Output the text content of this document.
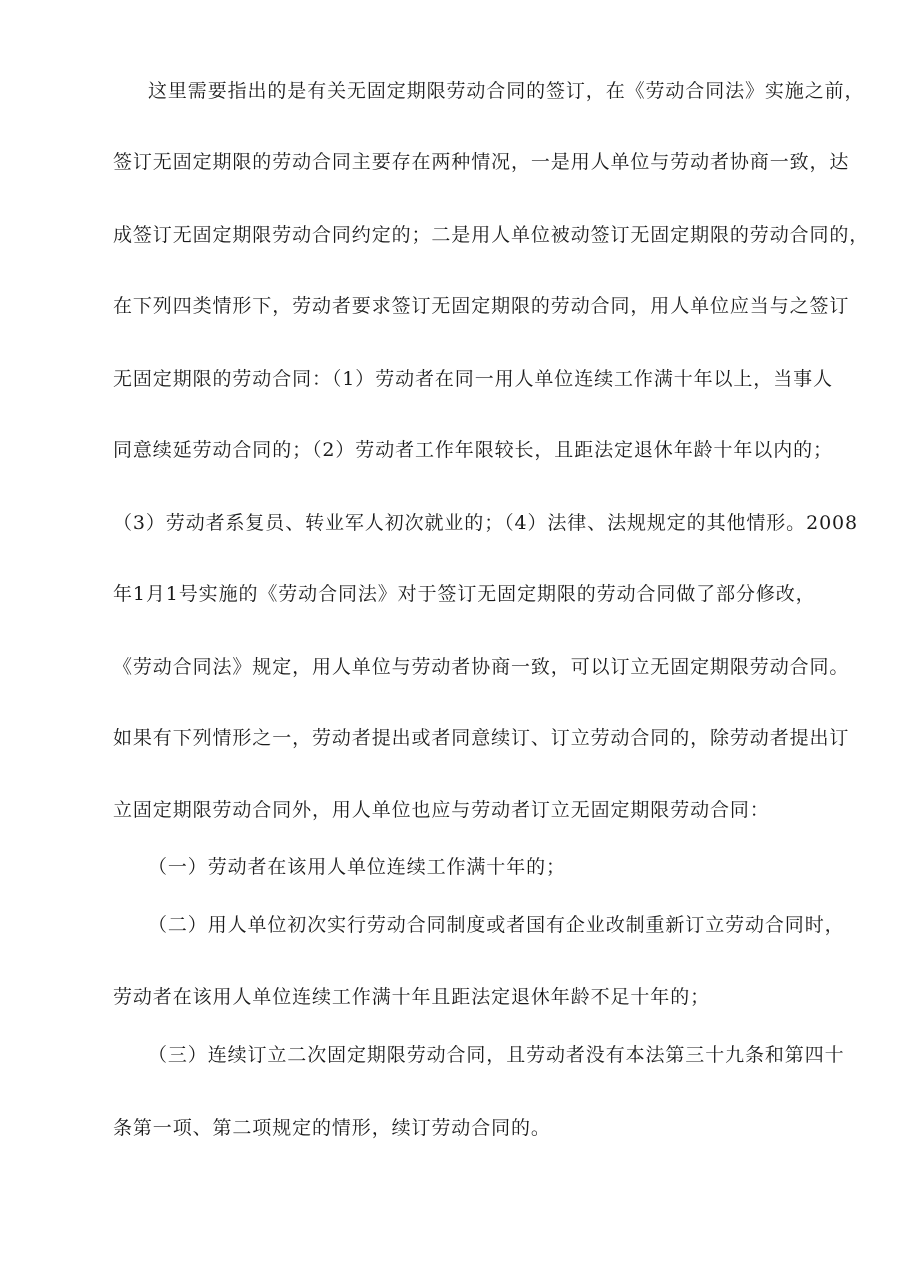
这里需要指出的是有关无固定期限劳动合同的签订，在《劳动合同法》实施之前，
签订无固定期限的劳动合同主要存在两种情况，一是用人单位与劳动者协商一致，达
成签订无固定期限劳动合同约定的；二是用人单位被动签订无固定期限的劳动合同的，
在下列四类情形下，劳动者要求签订无固定期限的劳动合同，用人单位应当与之签订
无固定期限的劳动合同：（1）劳动者在同一用人单位连续工作满十年以上，当事人
同意续延劳动合同的；（2）劳动者工作年限较长，且距法定退休年龄十年以内的；
（3）劳动者系复员、转业军人初次就业的；（4）法律、法规规定的其他情形。2008
年1月1号实施的《劳动合同法》对于签订无固定期限的劳动合同做了部分修改，
《劳动合同法》规定，用人单位与劳动者协商一致，可以订立无固定期限劳动合同。
如果有下列情形之一，劳动者提出或者同意续订、订立劳动合同的，除劳动者提出订
立固定期限劳动合同外，用人单位也应与劳动者订立无固定期限劳动合同：
（一）劳动者在该用人单位连续工作满十年的；
（二）用人单位初次实行劳动合同制度或者国有企业改制重新订立劳动合同时，
劳动者在该用人单位连续工作满十年且距法定退休年龄不足十年的；
（三）连续订立二次固定期限劳动合同，且劳动者没有本法第三十九条和第四十
条第一项、第二项规定的情形，续订劳动合同的。
